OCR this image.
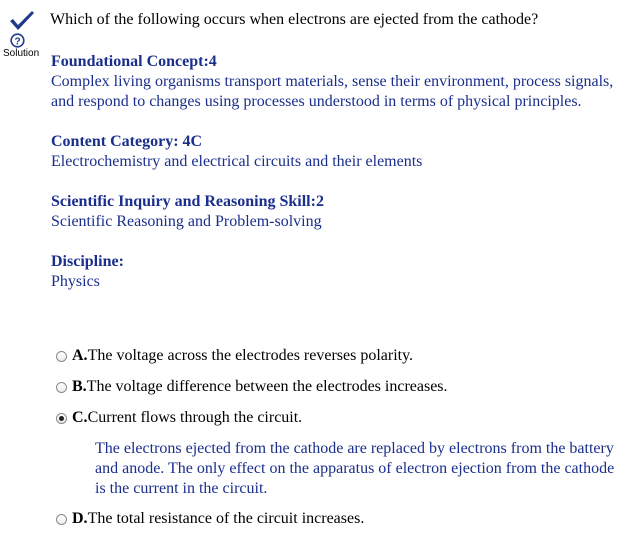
Which of the following occurs when electrons are ejected from the cathode?
?
Solution Foundational Concept:4
Complex living organisms transport materials, sense their environment, process signals, and respond to changes using processes understood in terms of physical principles.
Content Category: 4C
Electrochemistry and electrical circuits and their elements
Scientific Inquiry and Reasoning Skill:2
Scientific Reasoning and Problem-solving
Discipline:
Physics
A. The voltage across the electrodes reverses polarity.
B. The voltage difference between the electrodes increases.
C. Current flows through the circuit.
The electrons ejected from the cathode are replaced by electrons from the battery and anode. The only effect on the apparatus of electron ejection from the cathode is the current in the circuit.
D. The total resistance of the circuit increases.
